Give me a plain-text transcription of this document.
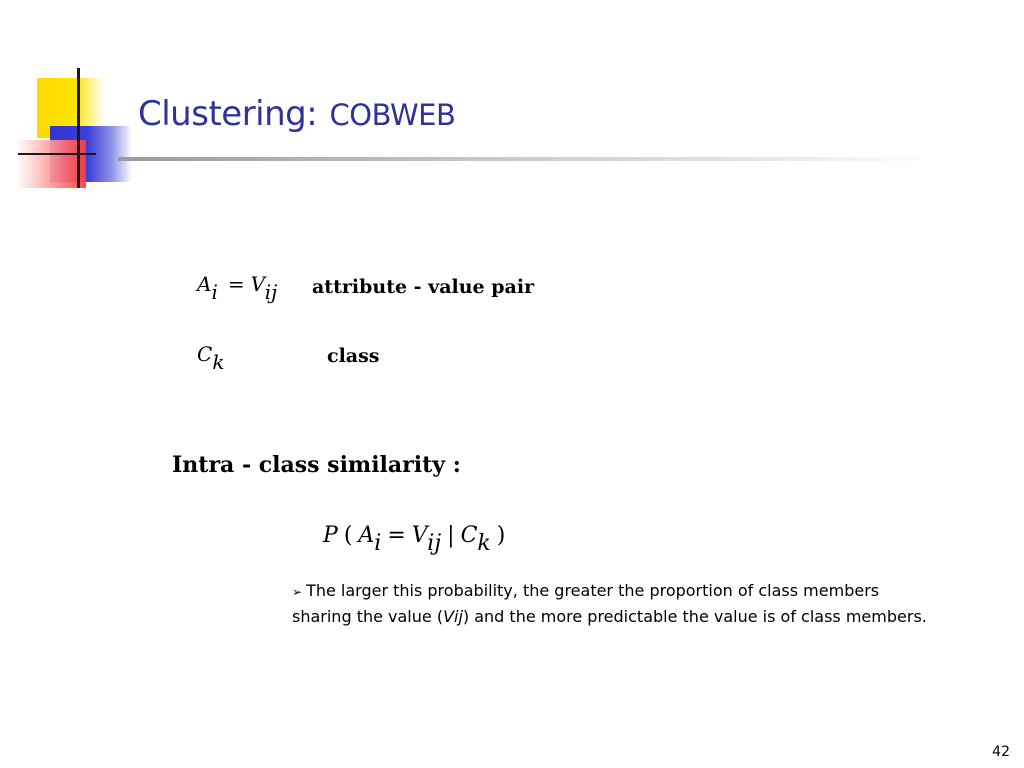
Clustering: COBWEB
Ai = Vij attribute - value pair
Ck	class
Intra - class similarity :
P ( Ai = Vij | Ck )
➢ The larger this probability, the greater the proportion of class members sharing the value (Vij) and the more predictable the value is of class members.
42
